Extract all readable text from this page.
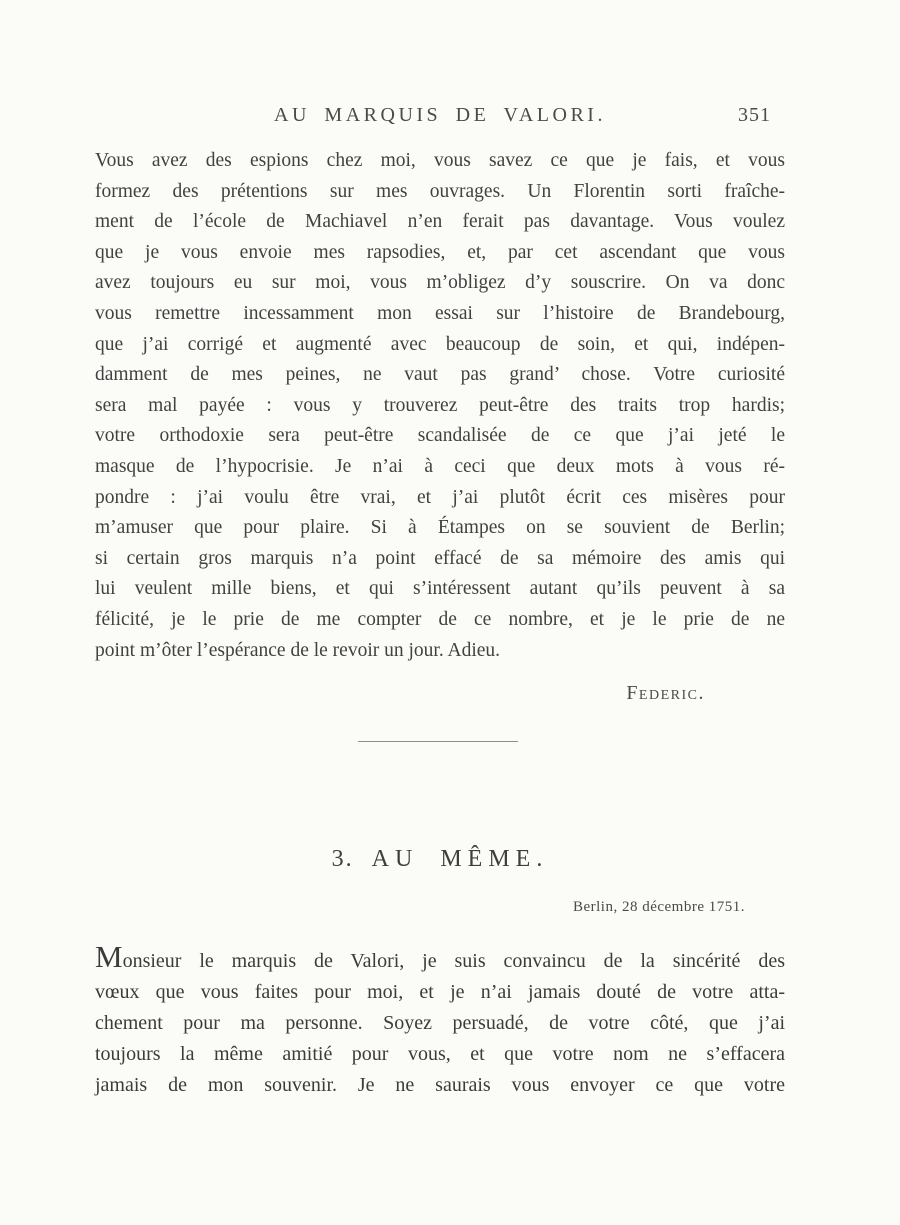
AU MARQUIS DE VALORI.	351
Vous avez des espions chez moi, vous savez ce que je fais, et vous
formez des prétentions sur mes ouvrages. Un Florentin sorti fraîche-
ment de l’école de Machiavel n’en ferait pas davantage. Vous voulez
que je vous envoie mes rapsodies, et, par cet ascendant que vous
avez toujours eu sur moi, vous m’obligez d’y souscrire. On va donc
vous remettre incessamment mon essai sur l’histoire de Brandebourg,
que j’ai corrigé et augmenté avec beaucoup de soin, et qui, indépen-
damment de mes peines, ne vaut pas grand’ chose. Votre curiosité
sera mal payée : vous y trouverez peut-être des traits trop hardis;
votre orthodoxie sera peut-être scandalisée de ce que j’ai jeté le
masque de l’hypocrisie. Je n’ai à ceci que deux mots à vous ré-
pondre : j’ai voulu être vrai, et j’ai plutôt écrit ces misères pour
m’amuser que pour plaire. Si à Étampes on se souvient de Berlin;
si certain gros marquis n’a point effacé de sa mémoire des amis qui
lui veulent mille biens, et qui s’intéressent autant qu’ils peuvent à sa
félicité, je le prie de me compter de ce nombre, et je le prie de ne
point m’ôter l’espérance de le revoir un jour. Adieu.
Federic.
3. AU MÊME.
Berlin, 28 décembre 1751.
Monsieur le marquis de Valori, je suis convaincu de la sincérité des
vœux que vous faites pour moi, et je n’ai jamais douté de votre atta-
chement pour ma personne. Soyez persuadé, de votre côté, que j’ai
toujours la même amitié pour vous, et que votre nom ne s’effacera
jamais de mon souvenir. Je ne saurais vous envoyer ce que votre
